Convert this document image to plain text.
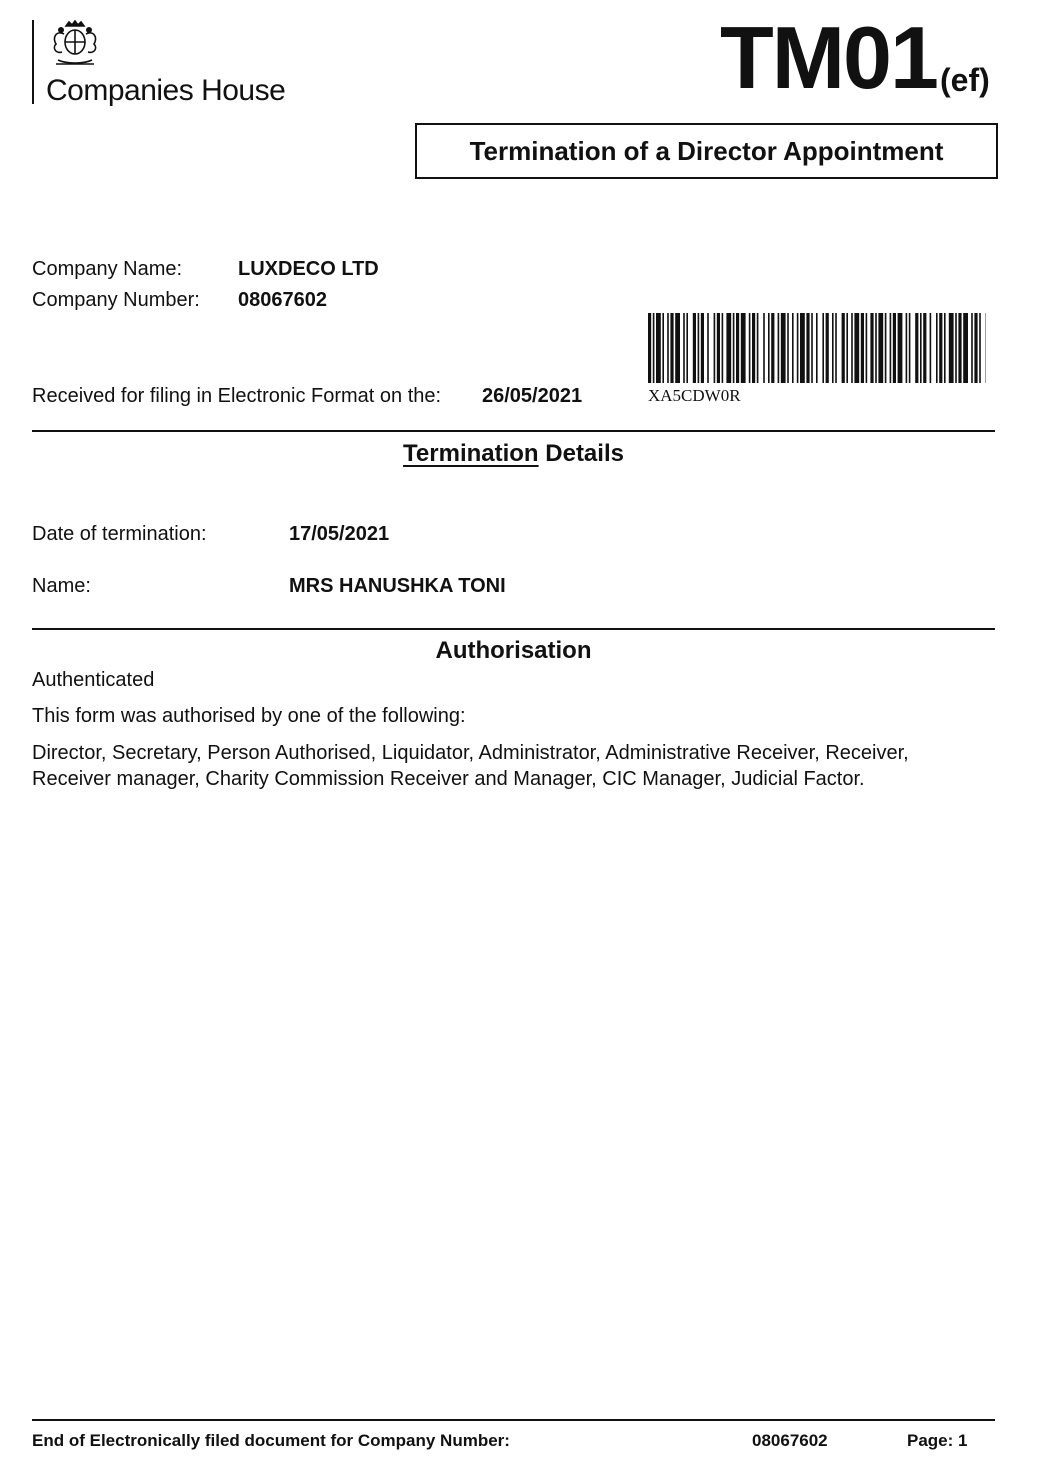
Companies House	TM01 (ef)
Termination of a Director Appointment
Company Name:	LUXDECO LTD
Company Number: 08067602
Received for filing in Electronic Format on the: 26/05/2021	XA5CDW0R
Termination Details
Date of termination:	17/05/2021
Name:	MRS HANUSHKA TONI
Authorisation
Authenticated
This form was authorised by one of the following:
Director, Secretary, Person Authorised, Liquidator, Administrator, Administrative Receiver, Receiver,
Receiver manager, Charity Commission Receiver and Manager, CIC Manager, Judicial Factor.
End of Electronically filed document for Company Number:	08067602	Page: 1
